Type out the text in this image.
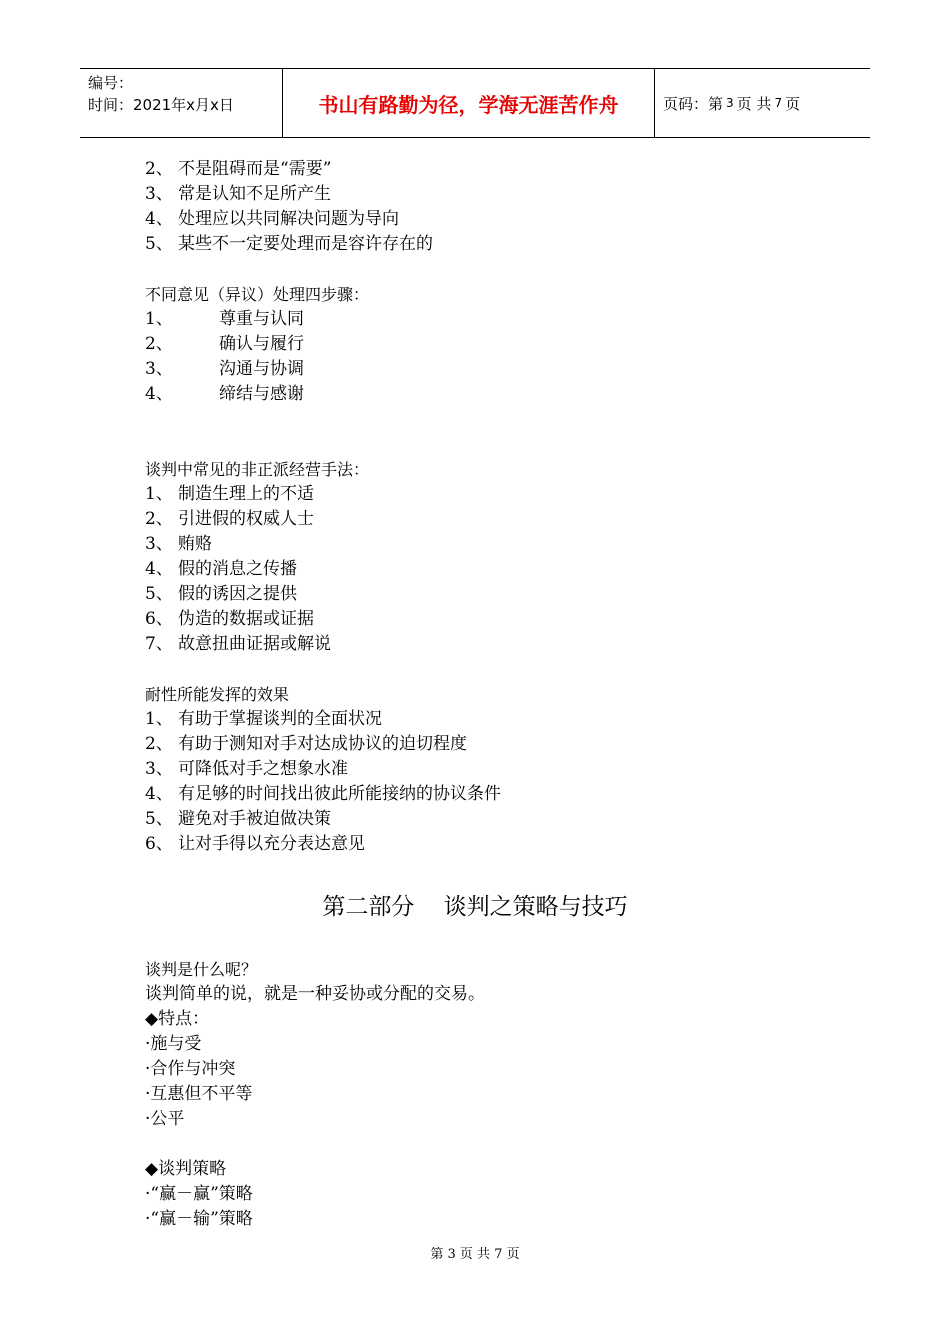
编号：
时间：2021年x月x日	书山有路勤为径，学海无涯苦作舟	页码：第 3 页 共 7 页
2、 不是阻碍而是“需要”
3、 常是认知不足所产生
4、 处理应以共同解决问题为导向
5、 某些不一定要处理而是容许存在的
不同意见（异议）处理四步骤：
1、	尊重与认同
2、	确认与履行
3、	沟通与协调
4、	缔结与感谢
谈判中常见的非正派经营手法：
1、 制造生理上的不适
2、 引进假的权威人士
3、 贿赂
4、 假的消息之传播
5、 假的诱因之提供
6、 伪造的数据或证据
7、 故意扭曲证据或解说
耐性所能发挥的效果
1、 有助于掌握谈判的全面状况
2、 有助于测知对手对达成协议的迫切程度
3、 可降低对手之想象水准
4、 有足够的时间找出彼此所能接纳的协议条件
5、 避免对手被迫做决策
6、 让对手得以充分表达意见
第二部分    谈判之策略与技巧
谈判是什么呢？
谈判简单的说，就是一种妥协或分配的交易。
◆特点：
·施与受
·合作与冲突
·互惠但不平等
·公平
◆谈判策略
·“赢－赢”策略
·“赢－输”策略
第 3 页 共 7 页
